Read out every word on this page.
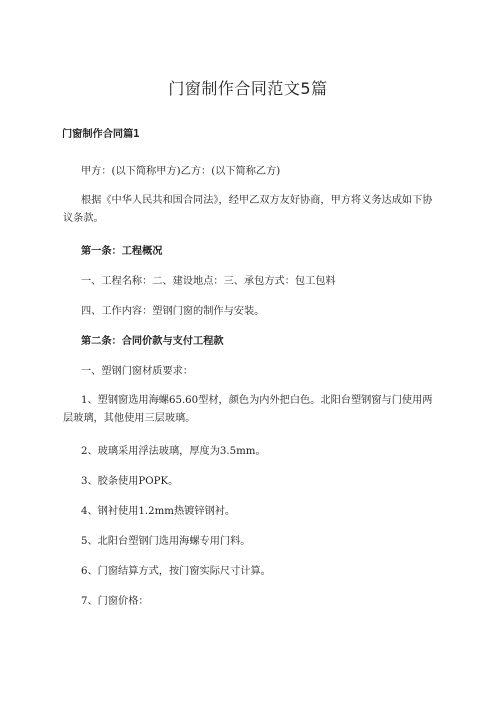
门窗制作合同范文5篇

门窗制作合同篇1

甲方：(以下简称甲方)乙方：(以下简称乙方)

根据《中华人民共和国合同法》，经甲乙双方友好协商，甲方将义务达成如下协议条款。

第一条：工程概况

一、工程名称：二、建设地点：三、承包方式：包工包料

四、工作内容：塑钢门窗的制作与安装。

第二条：合同价款与支付工程款

一、塑钢门窗材质要求：

1、塑钢窗选用海螺65.60型材，颜色为内外把白色。北阳台塑钢窗与门使用两层玻璃，其他使用三层玻璃。

2、玻璃采用浮法玻璃，厚度为3.5mm。

3、胶条使用POPK。

4、钢衬使用1.2mm热镀锌钢衬。

5、北阳台塑钢门选用海螺专用门料。

6、门窗结算方式，按门窗实际尺寸计算。

7、门窗价格：
